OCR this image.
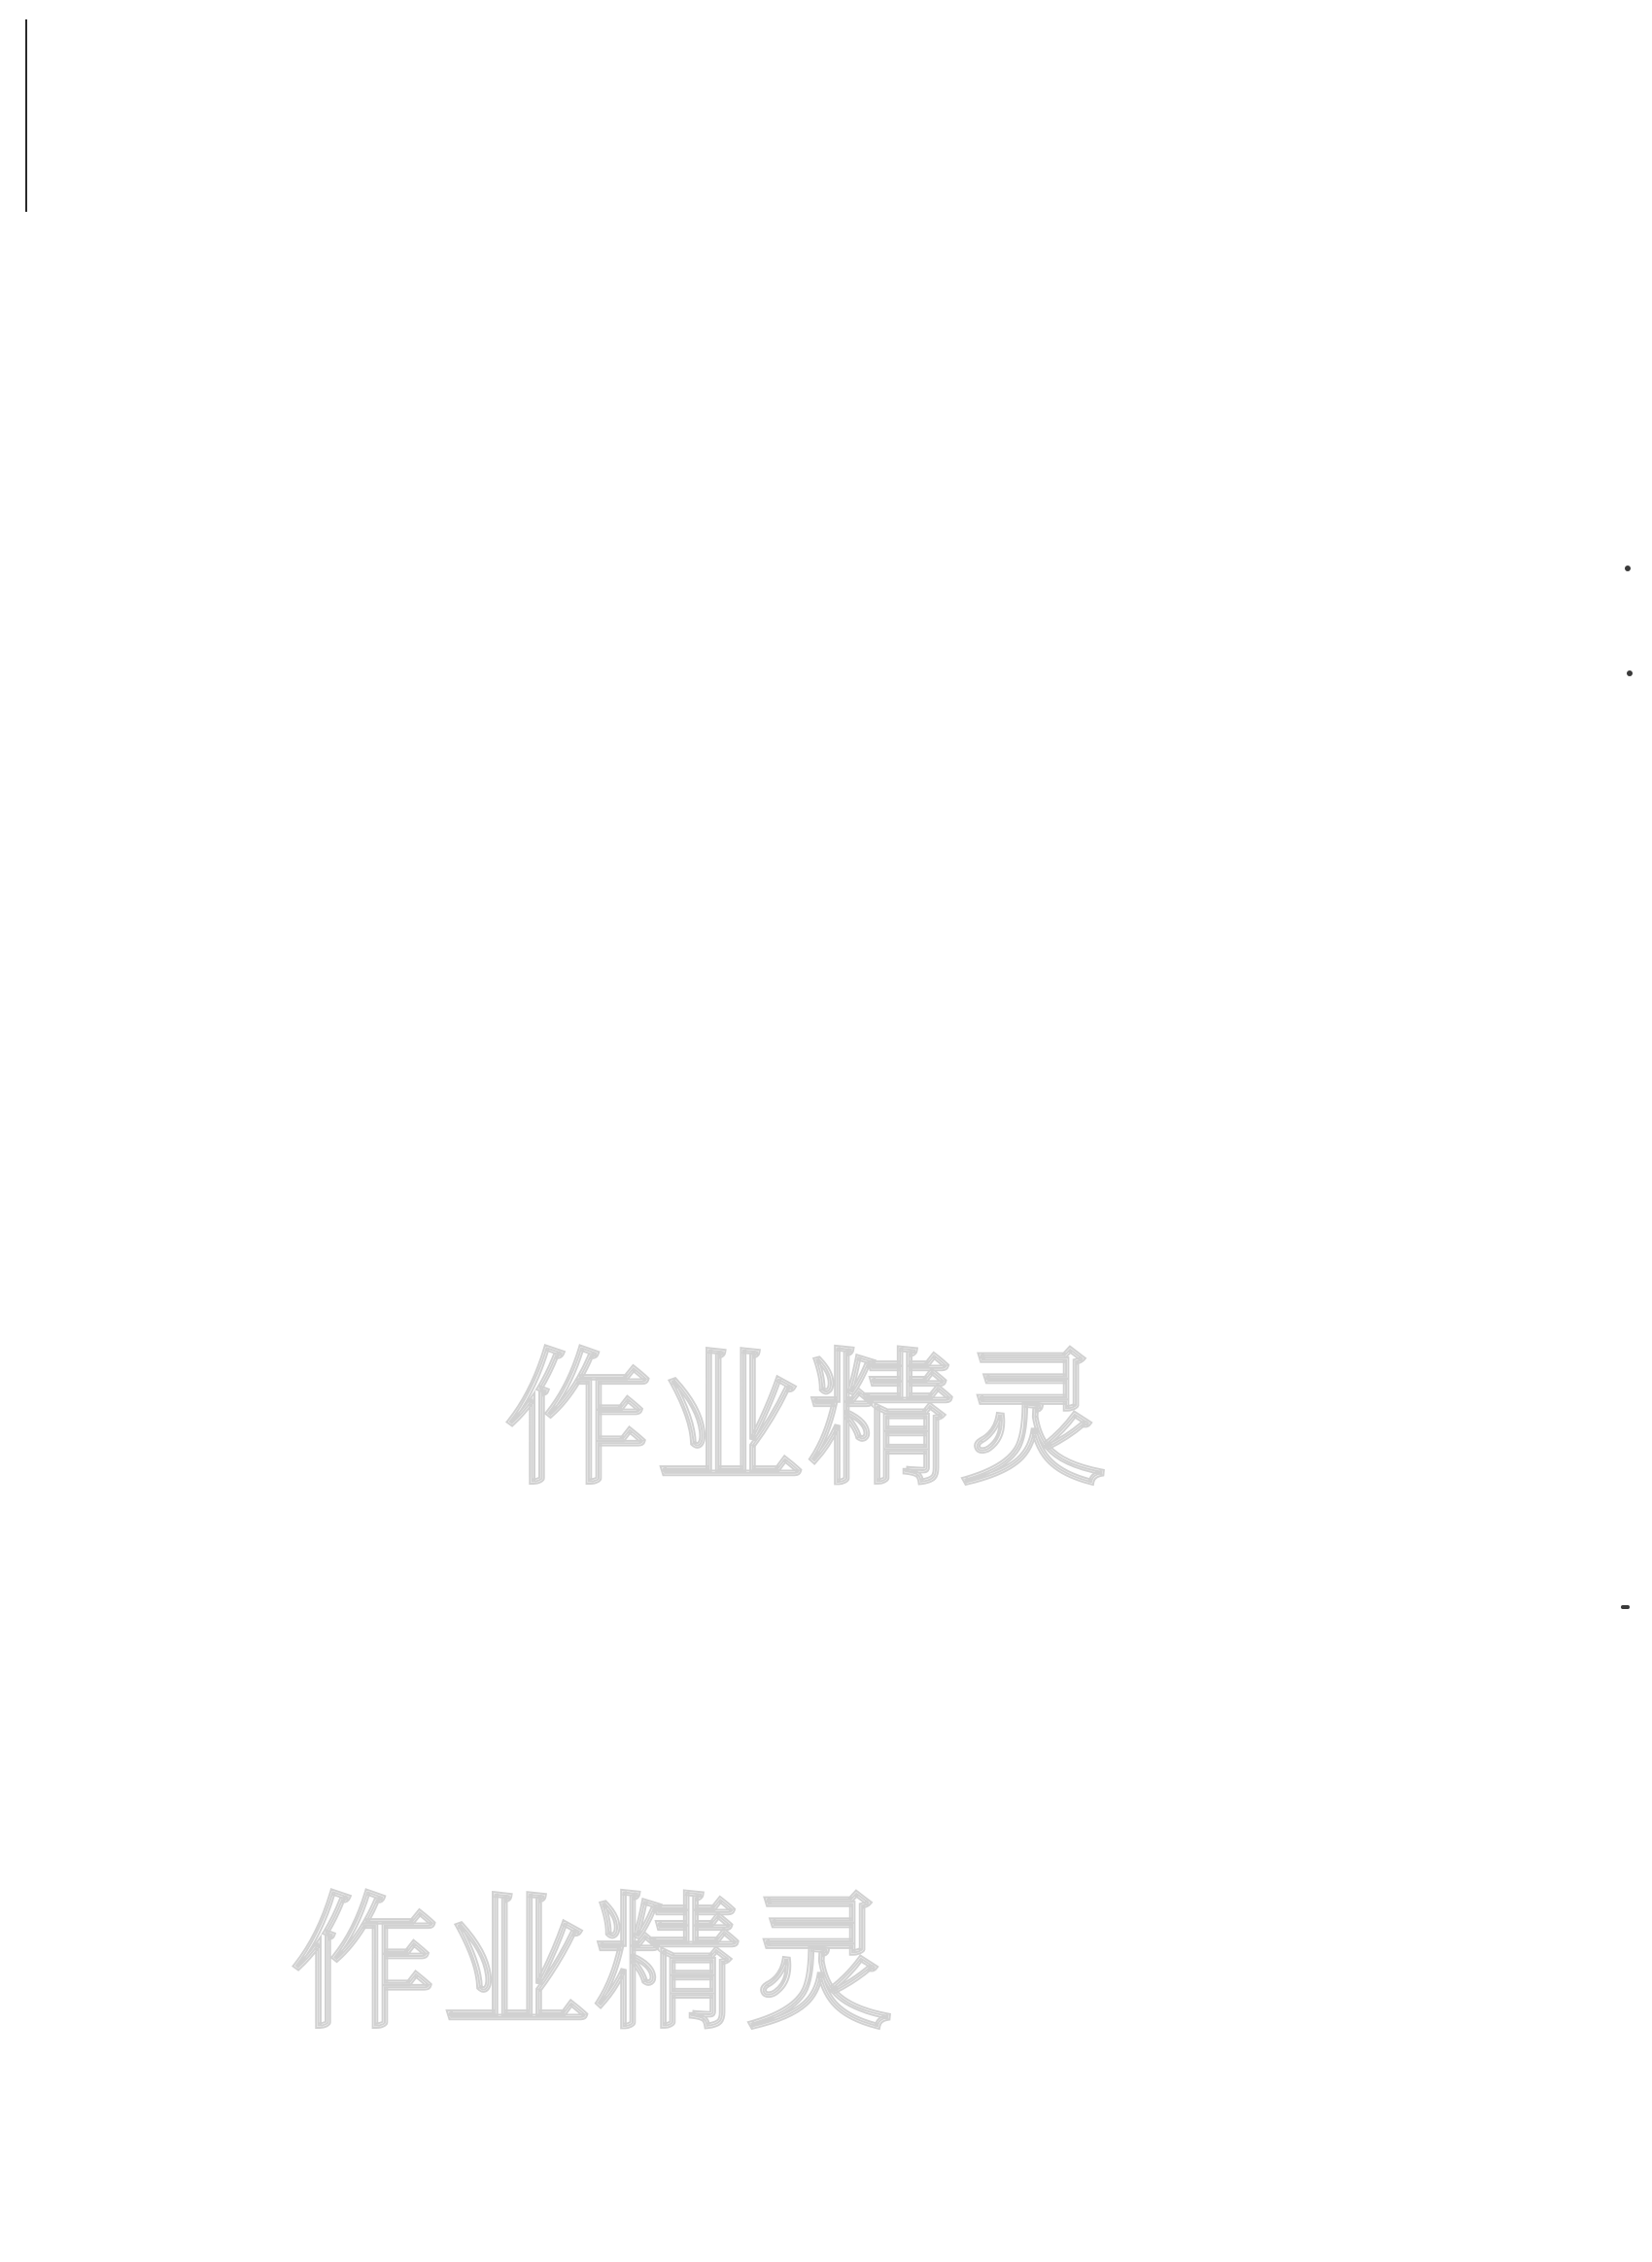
作业精灵
作业精灵
